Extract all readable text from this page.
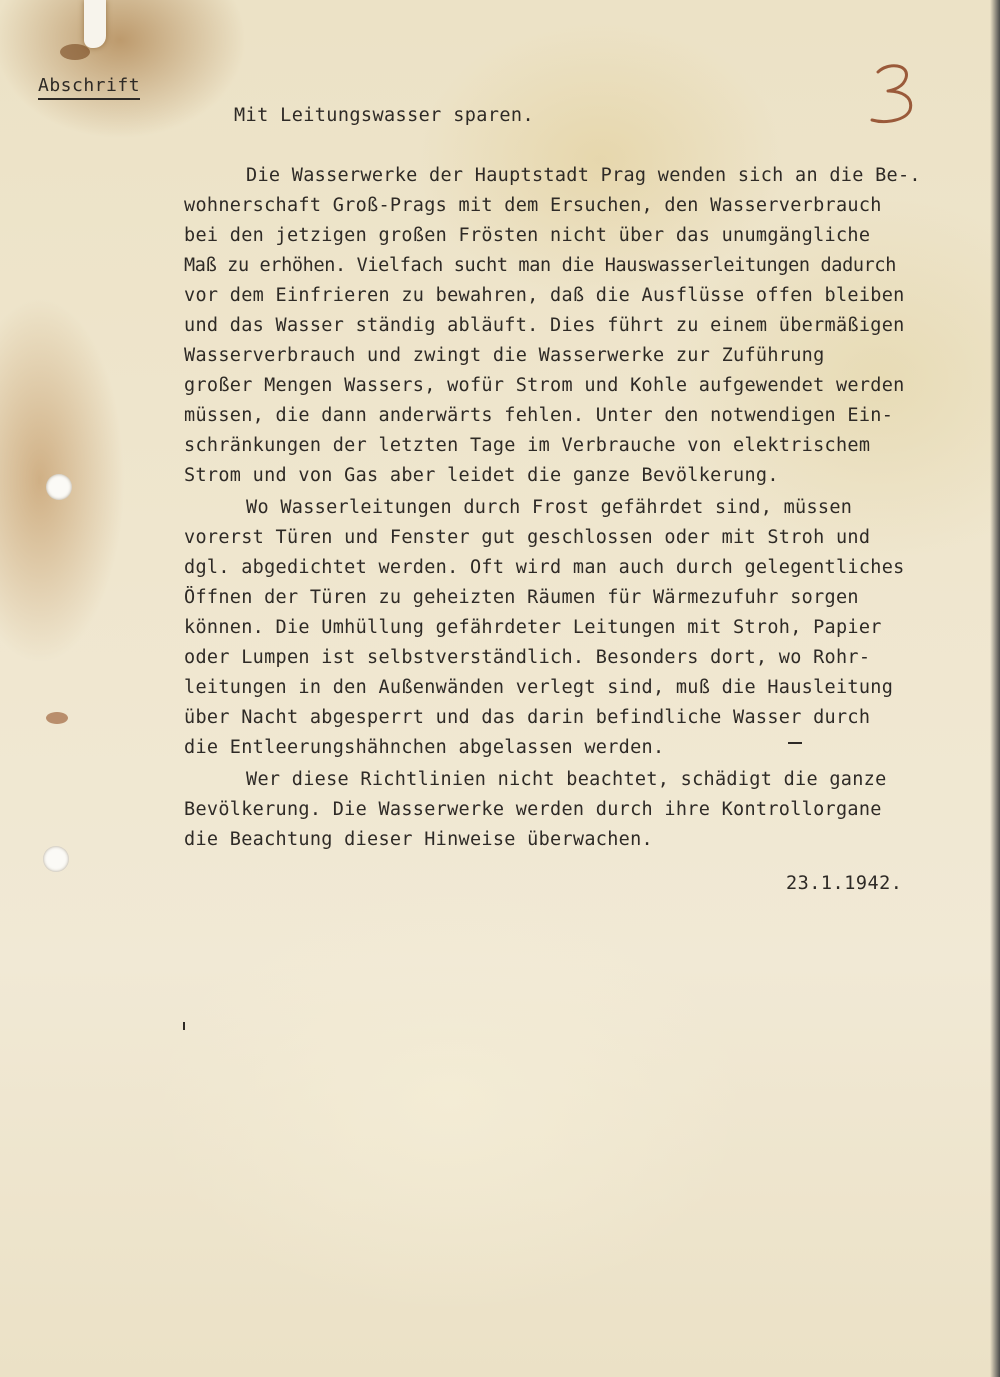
Abschrift
Mit Leitungswasser sparen.
Die Wasserwerke der Hauptstadt Prag wenden sich an die Be-.
wohnerschaft Groß-Prags mit dem Ersuchen, den Wasserverbrauch
bei den jetzigen großen Frösten nicht über das unumgängliche
Maß zu erhöhen. Vielfach sucht man die Hauswasserleitungen dadurch
vor dem Einfrieren zu bewahren, daß die Ausflüsse offen bleiben
und das Wasser ständig abläuft. Dies führt zu einem übermäßigen
Wasserverbrauch und zwingt die Wasserwerke zur Zuführung
großer Mengen Wassers, wofür Strom und Kohle aufgewendet werden
müssen, die dann anderwärts fehlen. Unter den notwendigen Ein-
schränkungen der letzten Tage im Verbrauche von elektrischem
Strom und von Gas aber leidet die ganze Bevölkerung.
Wo Wasserleitungen durch Frost gefährdet sind, müssen
vorerst Türen und Fenster gut geschlossen oder mit Stroh und
dgl. abgedichtet werden. Oft wird man auch durch gelegentliches
Öffnen der Türen zu geheizten Räumen für Wärmezufuhr sorgen
können. Die Umhüllung gefährdeter Leitungen mit Stroh, Papier
oder Lumpen ist selbstverständlich. Besonders dort, wo Rohr-
leitungen in den Außenwänden verlegt sind, muß die Hausleitung
über Nacht abgesperrt und das darin befindliche Wasser durch
die Entleerungshähnchen abgelassen werden.
Wer diese Richtlinien nicht beachtet, schädigt die ganze
Bevölkerung. Die Wasserwerke werden durch ihre Kontrollorgane
die Beachtung dieser Hinweise überwachen.
23.1.1942.
